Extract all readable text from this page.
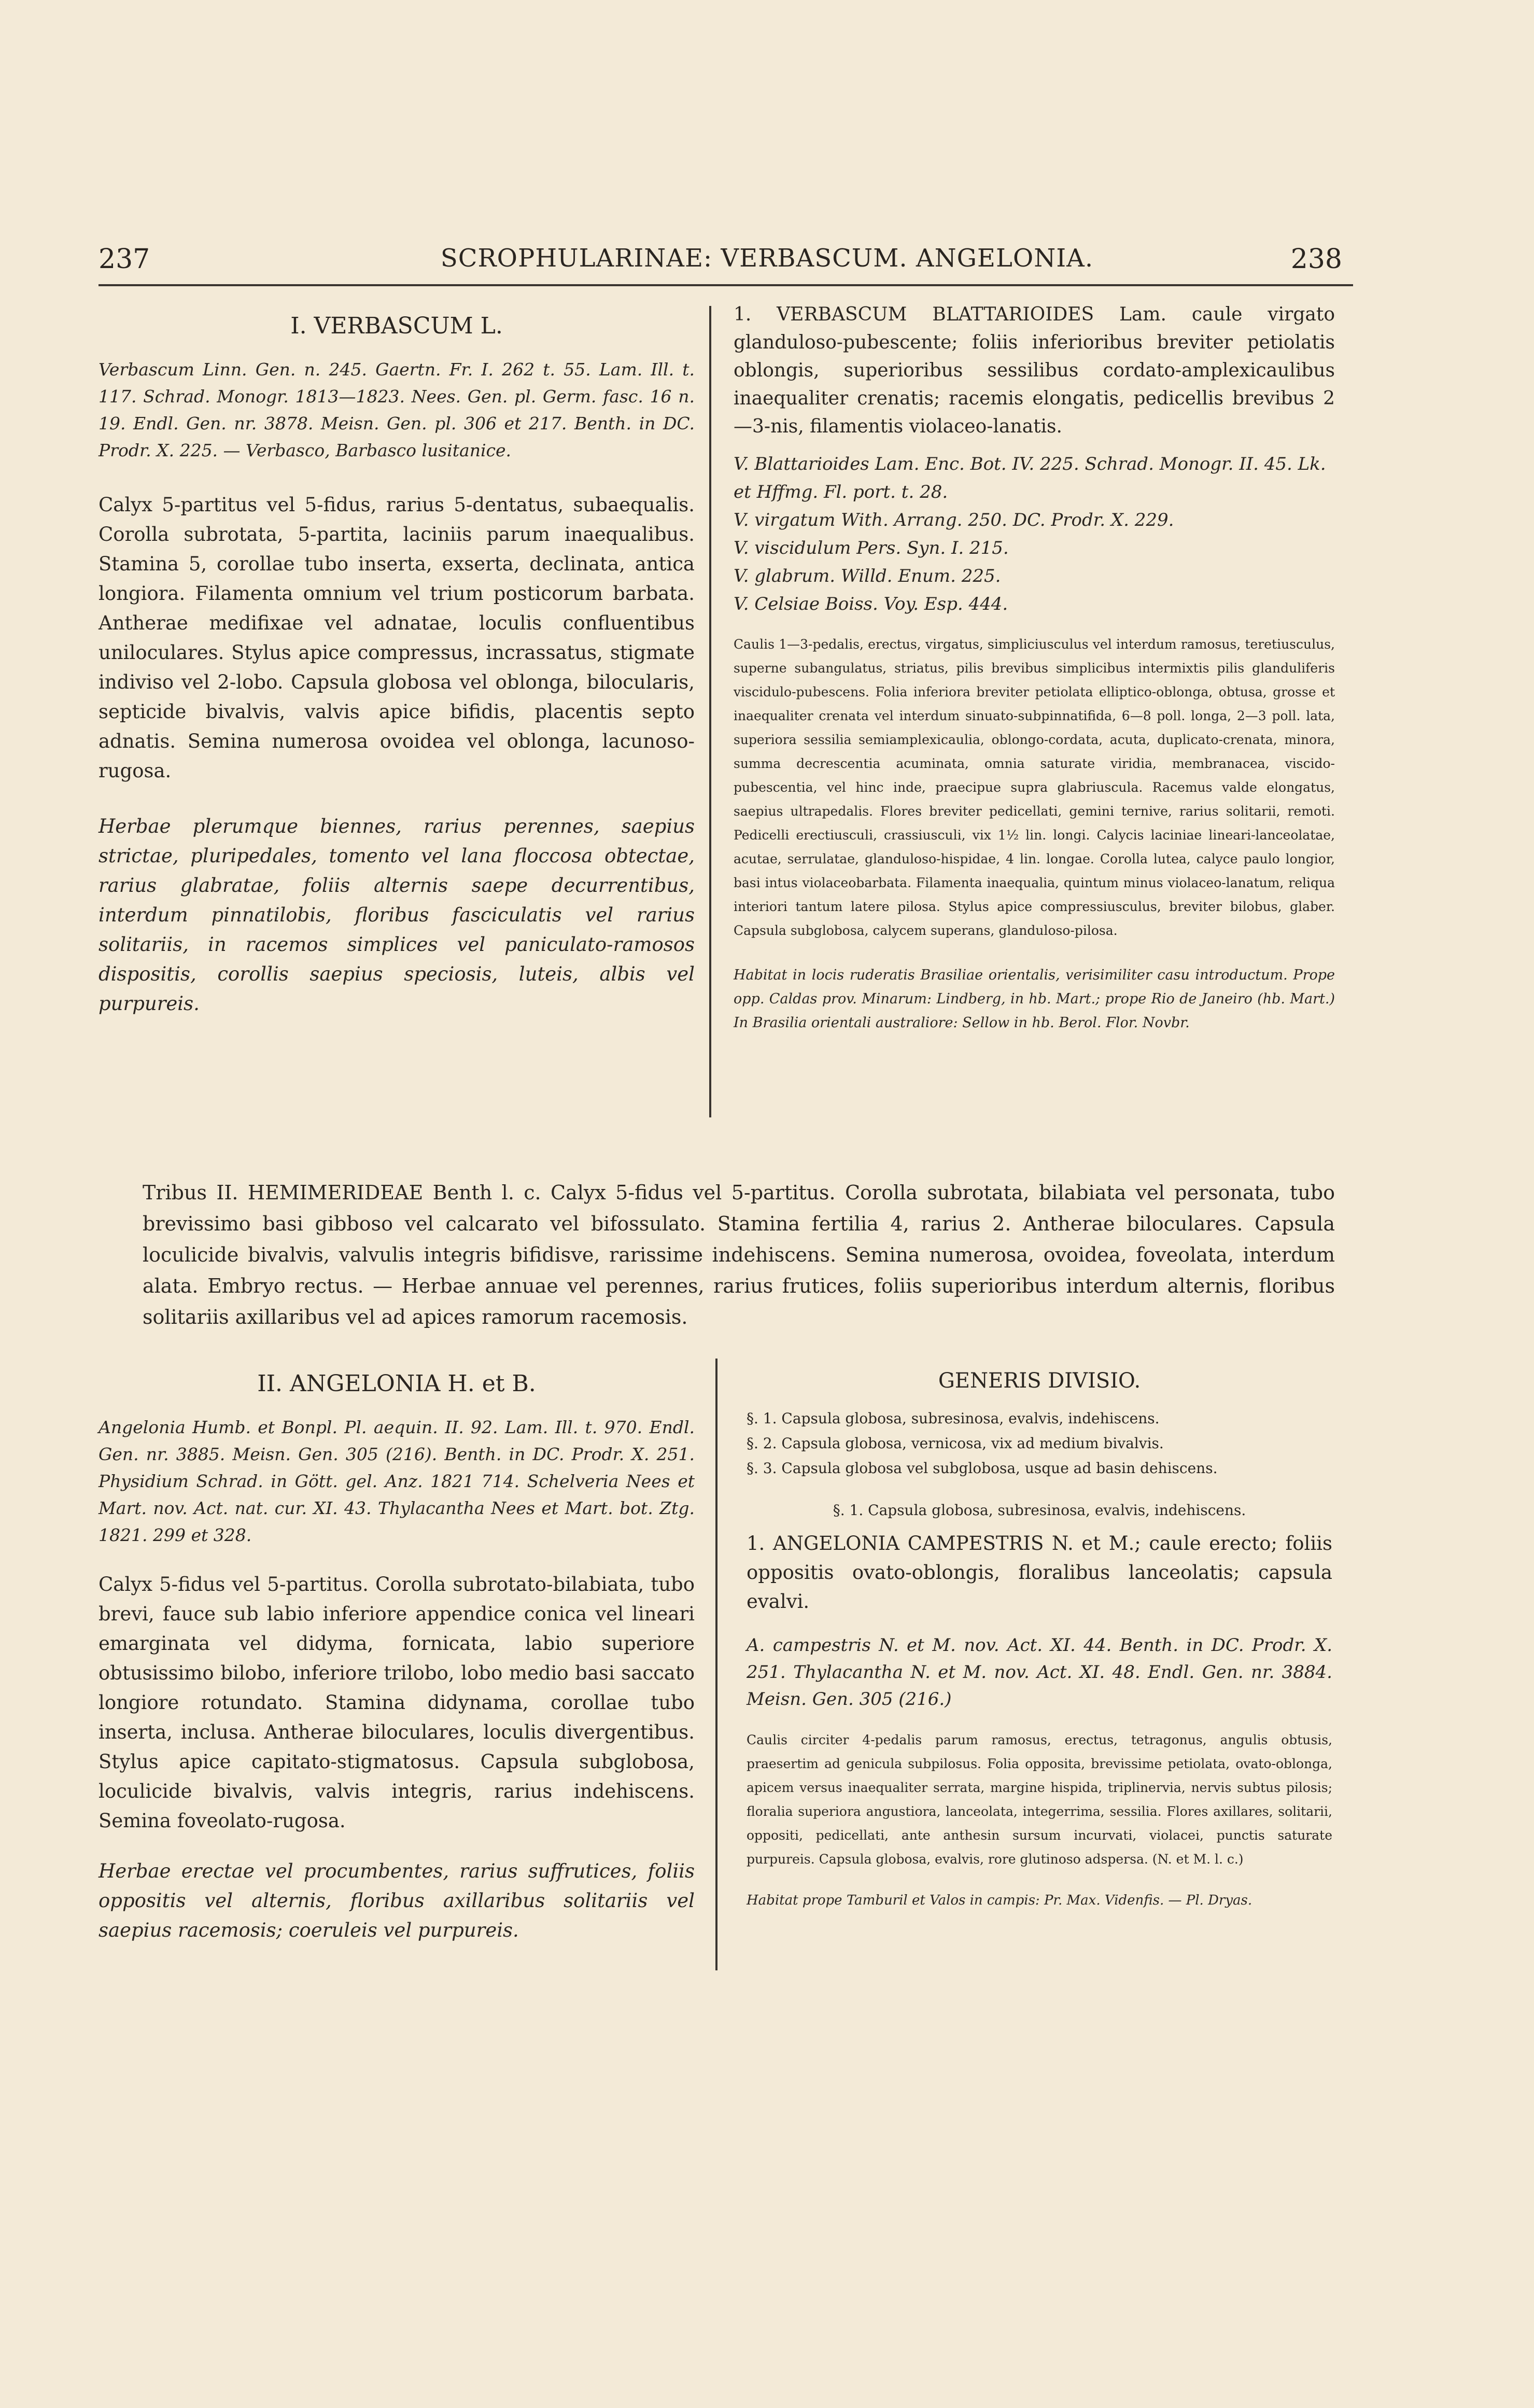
237	SCROPHULARINAE: VERBASCUM. ANGELONIA.	238

I. VERBASCUM L.

Verbascum Linn. Gen. n. 245. Gaertn. Fr. I. 262 t. 55. Lam. Ill. t. 117. Schrad. Monogr. 1813—1823. Nees. Gen. pl. Germ. fasc. 16 n. 19. Endl. Gen. nr. 3878. Meisn. Gen. pl. 306 et 217. Benth. in DC. Prodr. X. 225. — Verbasco, Barbasco lusitanice.

Calyx 5-partitus vel 5-fidus, rarius 5-dentatus, subaequalis. Corolla subrotata, 5-partita, laciniis parum inaequalibus. Stamina 5, corollae tubo inserta, exserta, declinata, antica longiora. Filamenta omnium vel trium posticorum barbata. Antherae medifixae vel adnatae, loculis confluentibus uniloculares. Stylus apice compressus, incrassatus, stigmate indiviso vel 2-lobo. Capsula globosa vel oblonga, bilocularis, septicide bivalvis, valvis apice bifidis, placentis septo adnatis. Semina numerosa ovoidea vel oblonga, lacunoso-rugosa.

Herbae plerumque biennes, rarius perennes, saepius strictae, pluripedales, tomento vel lana floccosa obtectae, rarius glabratae, foliis alternis saepe decurrentibus, interdum pinnatilobis, floribus fasciculatis vel rarius solitariis, in racemos simplices vel paniculato-ramosos dispositis, corollis saepius speciosis, luteis, albis vel purpureis.

1. VERBASCUM BLATTARIOIDES Lam. caule virgato glanduloso-pubescente; foliis inferioribus breviter petiolatis oblongis, superioribus sessilibus cordato-amplexicaulibus inaequaliter crenatis; racemis elongatis, pedicellis brevibus 2—3-nis, filamentis violaceo-lanatis.

V. Blattarioides Lam. Enc. Bot. IV. 225. Schrad. Monogr. II. 45. Lk. et Hffmg. Fl. port. t. 28.

V. virgatum With. Arrang. 250. DC. Prodr. X. 229.

V. viscidulum Pers. Syn. I. 215.

V. glabrum. Willd. Enum. 225.

V. Celsiae Boiss. Voy. Esp. 444.

Caulis 1—3-pedalis, erectus, virgatus, simpliciusculus vel interdum ramosus, teretiusculus, superne subangulatus, striatus, pilis brevibus simplicibus intermixtis pilis glanduliferis viscidulo-pubescens. Folia inferiora breviter petiolata elliptico-oblonga, obtusa, grosse et inaequaliter crenata vel interdum sinuato-subpinnatifida, 6—8 poll. longa, 2—3 poll. lata, superiora sessilia semiamplexicaulia, oblongo-cordata, acuta, duplicato-crenata, minora, summa decrescentia acuminata, omnia saturate viridia, membranacea, viscido-pubescentia, vel hinc inde, praecipue supra glabriuscula. Racemus valde elongatus, saepius ultrapedalis. Flores breviter pedicellati, gemini ternive, rarius solitarii, remoti. Pedicelli erectiusculi, crassiusculi, vix 1½ lin. longi. Calycis laciniae lineari-lanceolatae, acutae, serrulatae, glanduloso-hispidae, 4 lin. longae. Corolla lutea, calyce paulo longior, basi intus violaceobarbata. Filamenta inaequalia, quintum minus violaceo-lanatum, reliqua interiori tantum latere pilosa. Stylus apice compressiusculus, breviter bilobus, glaber. Capsula subglobosa, calycem superans, glanduloso-pilosa.

Habitat in locis ruderatis Brasiliae orientalis, verisimiliter casu introductum. Prope opp. Caldas prov. Minarum: Lindberg, in hb. Mart.; prope Rio de Janeiro (hb. Mart.) In Brasilia orientali australiore: Sellow in hb. Berol. Flor. Novbr.

Tribus II. HEMIMERIDEAE Benth l. c. Calyx 5-fidus vel 5-partitus. Corolla subrotata, bilabiata vel personata, tubo brevissimo basi gibboso vel calcarato vel bifossulato. Stamina fertilia 4, rarius 2. Antherae biloculares. Capsula loculicide bivalvis, valvulis integris bifidisve, rarissime indehiscens. Semina numerosa, ovoidea, foveolata, interdum alata. Embryo rectus. — Herbae annuae vel perennes, rarius frutices, foliis superioribus interdum alternis, floribus solitariis axillaribus vel ad apices ramorum racemosis.

II. ANGELONIA H. et B.

Angelonia Humb. et Bonpl. Pl. aequin. II. 92. Lam. Ill. t. 970. Endl. Gen. nr. 3885. Meisn. Gen. 305 (216). Benth. in DC. Prodr. X. 251. Physidium Schrad. in Gött. gel. Anz. 1821 714. Schelveria Nees et Mart. nov. Act. nat. cur. XI. 43. Thylacantha Nees et Mart. bot. Ztg. 1821. 299 et 328.

Calyx 5-fidus vel 5-partitus. Corolla subrotato-bilabiata, tubo brevi, fauce sub labio inferiore appendice conica vel lineari emarginata vel didyma, fornicata, labio superiore obtusissimo bilobo, inferiore trilobo, lobo medio basi saccato longiore rotundato. Stamina didynama, corollae tubo inserta, inclusa. Antherae biloculares, loculis divergentibus. Stylus apice capitato-stigmatosus. Capsula subglobosa, loculicide bivalvis, valvis integris, rarius indehiscens. Semina foveolato-rugosa.

Herbae erectae vel procumbentes, rarius suffrutices, foliis oppositis vel alternis, floribus axillaribus solitariis vel saepius racemosis; coeruleis vel purpureis.

GENERIS DIVISIO.

§. 1. Capsula globosa, subresinosa, evalvis, indehiscens.

§. 2. Capsula globosa, vernicosa, vix ad medium bivalvis.

§. 3. Capsula globosa vel subglobosa, usque ad basin dehiscens.

§. 1. Capsula globosa, subresinosa, evalvis, indehiscens.

1. ANGELONIA CAMPESTRIS N. et M.; caule erecto; foliis oppositis ovato-oblongis, floralibus lanceolatis; capsula evalvi.

A. campestris N. et M. nov. Act. XI. 44. Benth. in DC. Prodr. X. 251. Thylacantha N. et M. nov. Act. XI. 48. Endl. Gen. nr. 3884. Meisn. Gen. 305 (216.)

Caulis circiter 4-pedalis parum ramosus, erectus, tetragonus, angulis obtusis, praesertim ad genicula subpilosus. Folia opposita, brevissime petiolata, ovato-oblonga, apicem versus inaequaliter serrata, margine hispida, triplinervia, nervis subtus pilosis; floralia superiora angustiora, lanceolata, integerrima, sessilia. Flores axillares, solitarii, oppositi, pedicellati, ante anthesin sursum incurvati, violacei, punctis saturate purpureis. Capsula globosa, evalvis, rore glutinoso adspersa. (N. et M. l. c.)

Habitat prope Tamburil et Valos in campis: Pr. Max. Videnfis. — Pl. Dryas.
